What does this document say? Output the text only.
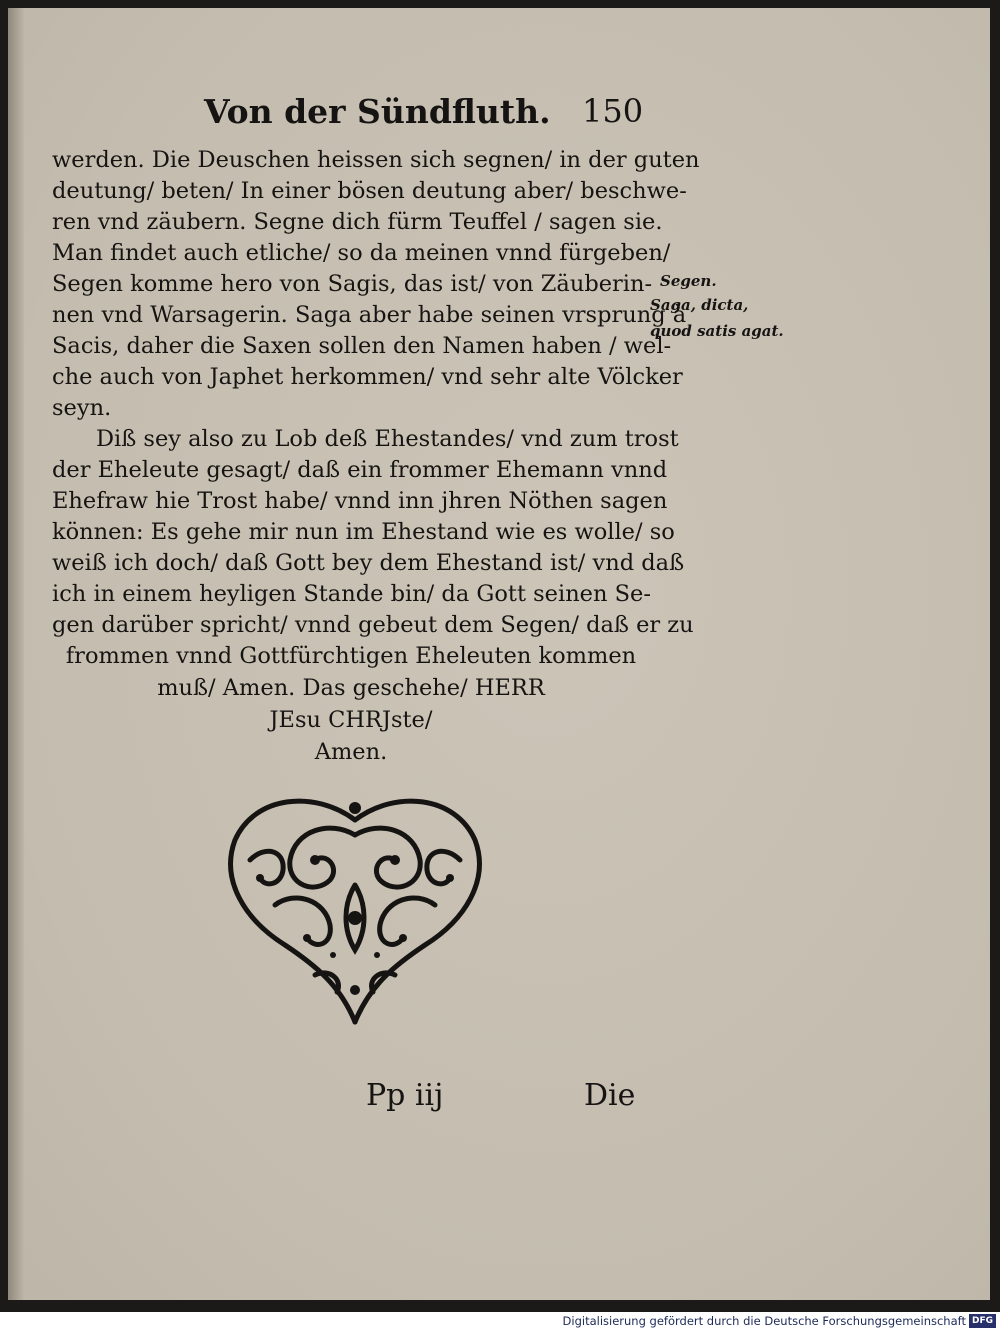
Von der Sündfluth. 150
werden. Die Deuschen heissen sich segnen/ in der guten
deutung/ beten/ In einer bösen deutung aber/ beschwe-
ren vnd zäubern. Segne dich fürm Teuffel / sagen sie.
Man findet auch etliche/ so da meinen vnnd fürgeben/
Segen komme hero von Sagis, das ist/ von Zäuberin-
nen vnd Warsagerin. Saga aber habe seinen vrsprung à
Sacis, daher die Saxen sollen den Namen haben / wel-
che auch von Japhet herkommen/ vnd sehr alte Völcker
seyn.
Diß sey also zu Lob deß Ehestandes/ vnd zum trost
der Eheleute gesagt/ daß ein frommer Ehemann vnnd
Ehefraw hie Trost habe/ vnnd inn jhren Nöthen sagen
können: Es gehe mir nun im Ehestand wie es wolle/ so
weiß ich doch/ daß Gott bey dem Ehestand ist/ vnd daß
ich in einem heyligen Stande bin/ da Gott seinen Se-
gen darüber spricht/ vnnd gebeut dem Segen/ daß er zu
frommen vnnd Gottfürchtigen Eheleuten kommen
muß/ Amen. Das geschehe/ HERR
JEsu CHRJste/
Amen.
Segen.
Saga, dicta,
quod satis agat.
Pp iij	Die
Digitalisierung gefördert durch die Deutsche Forschungsgemeinschaft DFG
